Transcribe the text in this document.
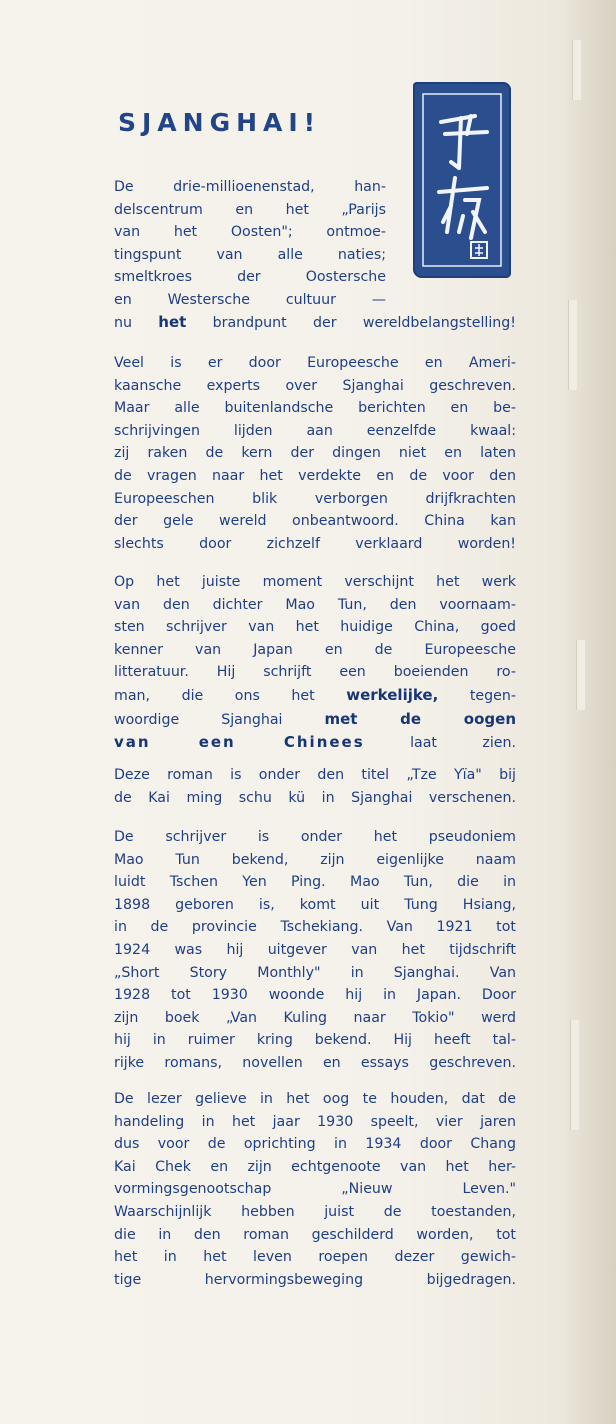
SJANGHAI!
De drie-millioenenstad, han-
delscentrum en het „Parijs
van het Oosten"; ontmoe-
tingspunt van alle naties;
smeltkroes der Oostersche
en Westersche cultuur —
nu het brandpunt der wereldbelangstelling!
Veel is er door Europeesche en Ameri-
kaansche experts over Sjanghai geschreven.
Maar alle buitenlandsche berichten en be-
schrijvingen lijden aan eenzelfde kwaal:
zij raken de kern der dingen niet en laten
de vragen naar het verdekte en de voor den
Europeeschen blik verborgen drijfkrachten
der gele wereld onbeantwoord. China kan
slechts door zichzelf verklaard worden!
Op het juiste moment verschijnt het werk
van den dichter Mao Tun, den voornaam-
sten schrijver van het huidige China, goed
kenner van Japan en de Europeesche
litteratuur. Hij schrijft een boeienden ro-
man, die ons het werkelijke, tegen-
woordige Sjanghai met de oogen
van een Chinees laat zien.
Deze roman is onder den titel „Tze Yïa" bij
de Kai ming schu kü in Sjanghai verschenen.
De schrijver is onder het pseudoniem
Mao Tun bekend, zijn eigenlijke naam
luidt Tschen Yen Ping. Mao Tun, die in
1898 geboren is, komt uit Tung Hsiang,
in de provincie Tschekiang. Van 1921 tot
1924 was hij uitgever van het tijdschrift
„Short Story Monthly" in Sjanghai. Van
1928 tot 1930 woonde hij in Japan. Door
zijn boek „Van Kuling naar Tokio" werd
hij in ruimer kring bekend. Hij heeft tal-
rijke romans, novellen en essays geschreven.
De lezer gelieve in het oog te houden, dat de
handeling in het jaar 1930 speelt, vier jaren
dus voor de oprichting in 1934 door Chang
Kai Chek en zijn echtgenoote van het her-
vormingsgenootschap „Nieuw Leven."
Waarschijnlijk hebben juist de toestanden,
die in den roman geschilderd worden, tot
het in het leven roepen dezer gewich-
tige hervormingsbeweging bijgedragen.
